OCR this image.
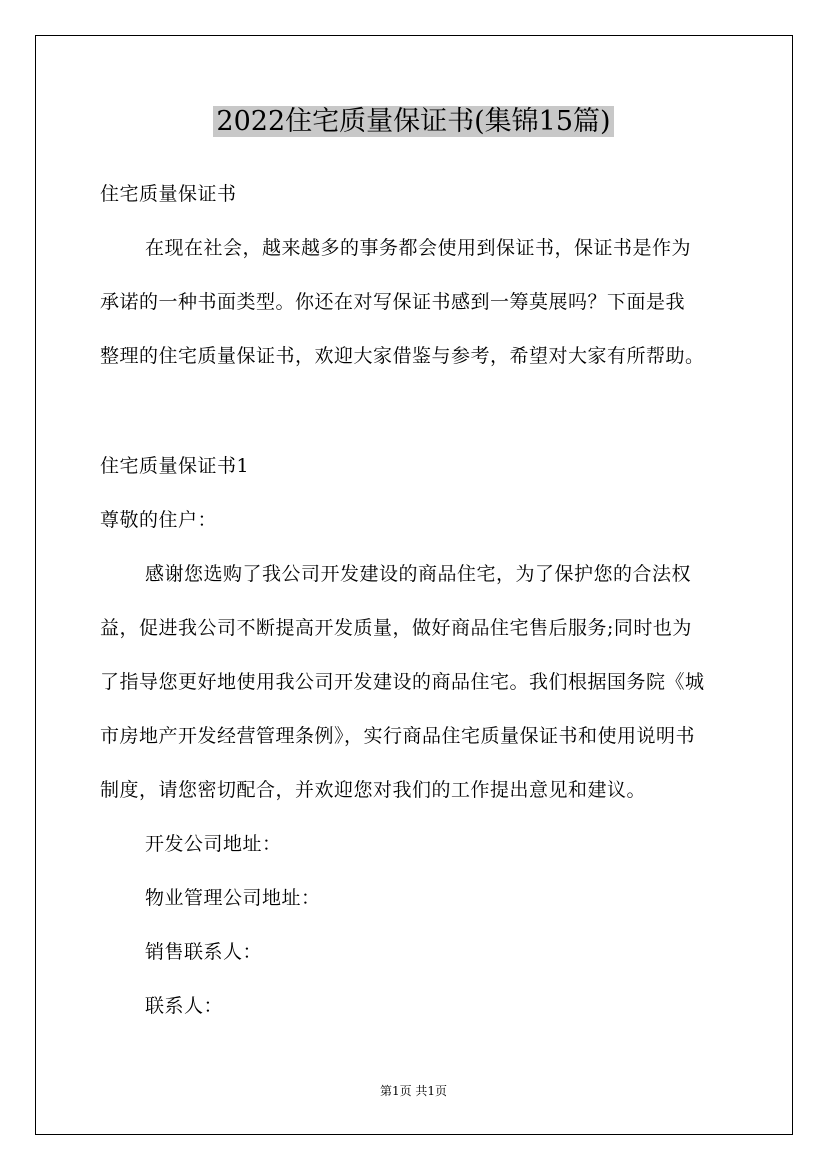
2022住宅质量保证书(集锦15篇)
住宅质量保证书
在现在社会，越来越多的事务都会使用到保证书，保证书是作为
承诺的一种书面类型。你还在对写保证书感到一筹莫展吗？下面是我
整理的住宅质量保证书，欢迎大家借鉴与参考，希望对大家有所帮助。
住宅质量保证书1
尊敬的住户：
感谢您选购了我公司开发建设的商品住宅，为了保护您的合法权
益，促进我公司不断提高开发质量，做好商品住宅售后服务;同时也为
了指导您更好地使用我公司开发建设的商品住宅。我们根据国务院《城
市房地产开发经营管理条例》，实行商品住宅质量保证书和使用说明书
制度，请您密切配合，并欢迎您对我们的工作提出意见和建议。
开发公司地址：
物业管理公司地址：
销售联系人：
联系人：
第1页 共1页
